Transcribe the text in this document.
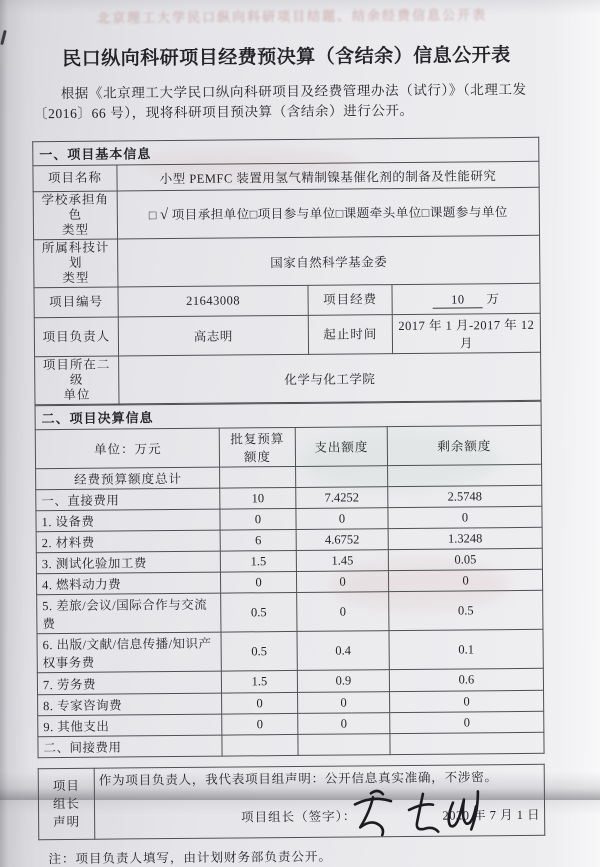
北京理工大学民口纵向科研项目结题、结余经费信息公开表
民口纵向科研项目经费预决算（含结余）信息公开表
根据《北京理工大学民口纵向科研项目及经费管理办法（试行）》（北理工发
〔2016〕66 号），现将科研项目预决算（含结余）进行公开。
一、项目基本信息			
项目名称	小型 PEMFC 装置用氢气精制镍基催化剂的制备及性能研究		

学校承担角色
类型	□ √ 项目承担单位□项目参与单位□课题牵头单位□课题参与单位		

所属科技计划
类型	国家自然科学基金委		
项目编号	21643008	项目经费	10 万
项目负责人	高志明	起止时间	2017 年 1 月-2017 年 12 月

项目所在二级
单位	化学与化工学院		
二、项目决算信息			
单位：万元	批复预算额度	支出额度	剩余额度
经费预算额度总计			
一、直接费用	10	7.4252	2.5748
1. 设备费	0	0	0
2. 材料费	6	4.6752	1.3248
3. 测试化验加工费	1.5	1.45	0.05
4. 燃料动力费	0	0	0
5. 差旅/会议/国际合作与交流费	0.5	0	0.5
6. 出版/文献/信息传播/知识产权事务费	0.5	0.4	0.1
7. 劳务费	1.5	0.9	0.6
8. 专家咨询费	0	0	0
9. 其他支出	0	0	0
二、间接费用			
项目
组长
声明

作为项目负责人，我代表项目组声明：公开信息真实准确，不涉密。
项目组长（签字）：	2020 年 7 月 1 日
注：项目负责人填写，由计划财务部负责公开。
